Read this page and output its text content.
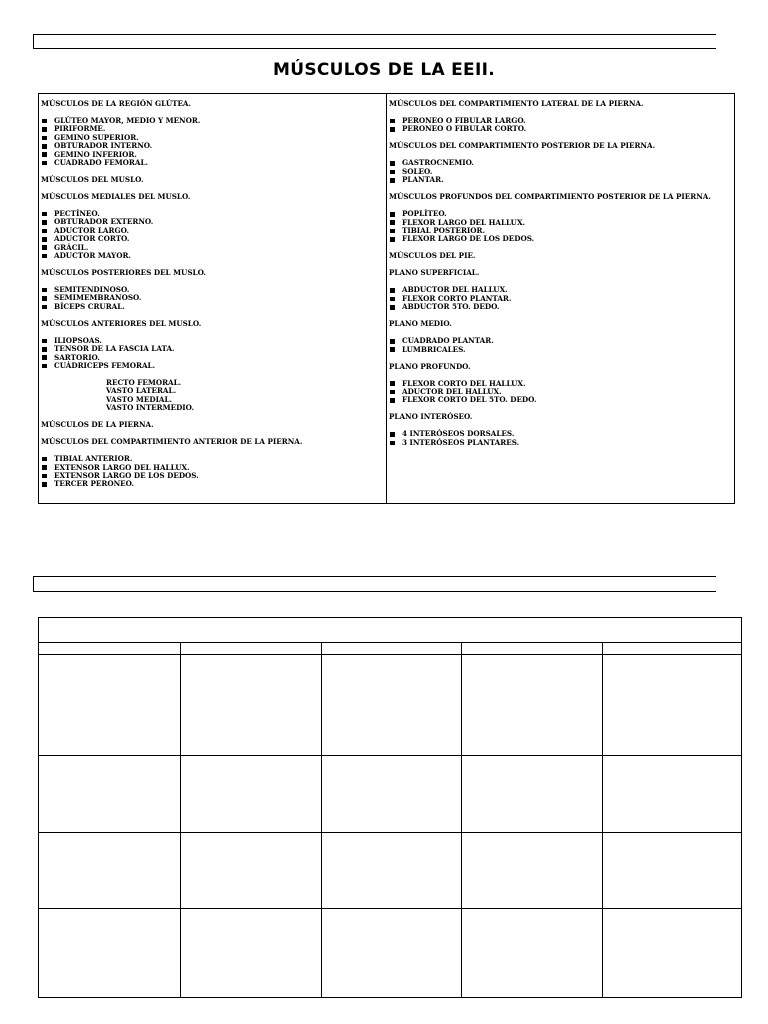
MÚSCULOS DE LA EEII.
MÚSCULOS DE LA REGIÓN GLÚTEA.
GLÚTEO MAYOR, MEDIO Y MENOR.
PIRIFORME.
GEMINO SUPERIOR.
OBTURADOR INTERNO.
GEMINO INFERIOR.
CUADRADO FEMORAL.
MÚSCULOS DEL MUSLO.
MÚSCULOS MEDIALES DEL MUSLO.
PECTÍNEO.
OBTURADOR EXTERNO.
ADUCTOR LARGO.
ADUCTOR CORTO.
GRÁCIL.
ADUCTOR MAYOR.
MÚSCULOS POSTERIORES DEL MUSLO.
SEMITENDINOSO.
SEMIMEMBRANOSO.
BÍCEPS CRURAL.
MÚSCULOS ANTERIORES DEL MUSLO.
ILIOPSOAS.
TENSOR DE LA FASCIA LATA.
SARTORIO.
CUÁDRICEPS FEMORAL.
RECTO FEMORAL.
VASTO LATERAL.
VASTO MEDIAL.
VASTO INTERMEDIO.
MÚSCULOS DE LA PIERNA.
MÚSCULOS DEL COMPARTIMIENTO ANTERIOR DE LA PIERNA.
TIBIAL ANTERIOR.
EXTENSOR LARGO DEL HALLUX.
EXTENSOR LARGO DE LOS DEDOS.
TERCER PERONEO.
MÚSCULOS DEL COMPARTIMIENTO LATERAL DE LA PIERNA.
PERONEO O FIBULAR LARGO.
PERONEO O FIBULAR CORTO.
MÚSCULOS DEL COMPARTIMIENTO POSTERIOR DE LA PIERNA.
GASTROCNEMIO.
SOLEO.
PLANTAR.
MÚSCULOS PROFUNDOS DEL COMPARTIMIENTO POSTERIOR DE LA PIERNA.
POPLÍTEO.
FLEXOR LARGO DEL HALLUX.
TIBIAL POSTERIOR.
FLEXOR LARGO DE LOS DEDOS.
MÚSCULOS DEL PIE.
PLANO SUPERFICIAL.
ABDUCTOR DEL HALLUX.
FLEXOR CORTO PLANTAR.
ABDUCTOR 5TO. DEDO.
PLANO MEDIO.
CUADRADO PLANTAR.
LUMBRICALES.
PLANO PROFUNDO.
FLEXOR CORTO DEL HALLUX.
ADUCTOR DEL HALLUX.
FLEXOR CORTO DEL 5TO. DEDO.
PLANO INTERÓSEO.
4 INTERÓSEOS DORSALES.
3 INTERÓSEOS PLANTARES.
